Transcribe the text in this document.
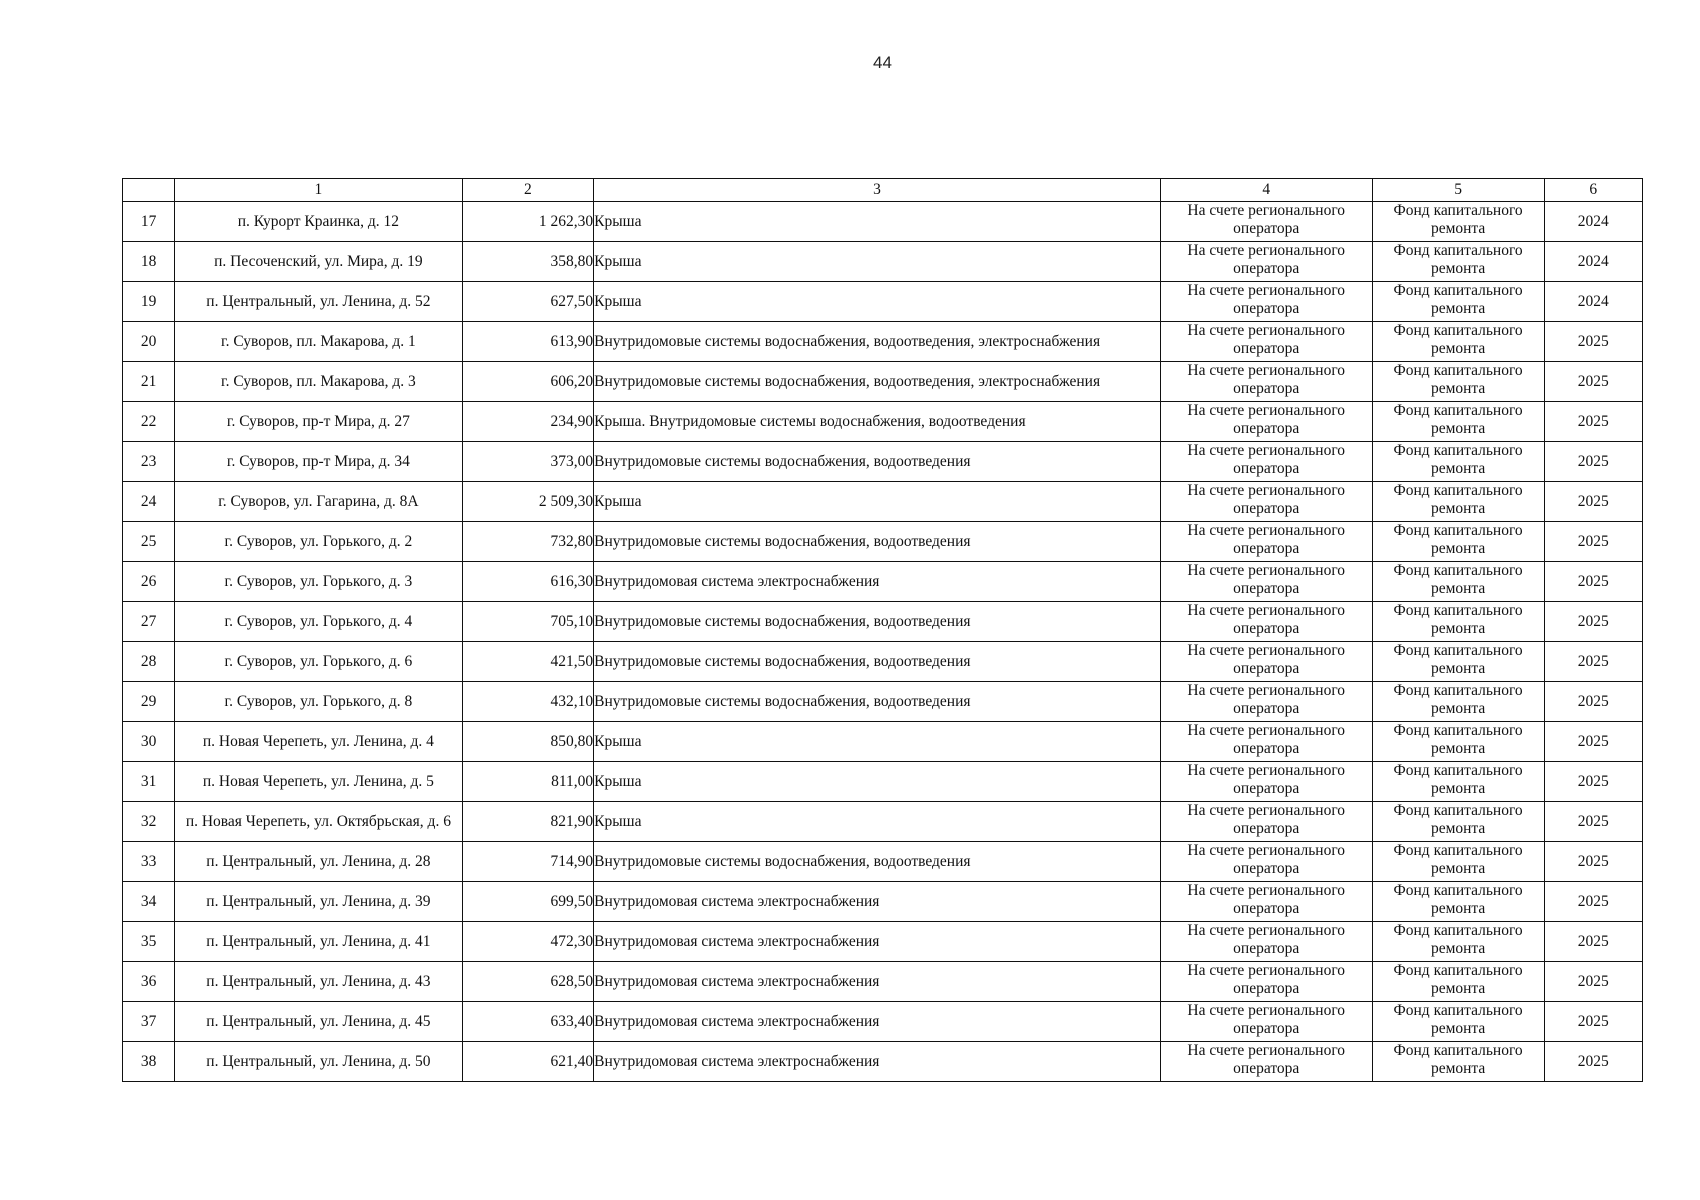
44
	1	2	3	4	5	6
17	п. Курорт Краинка, д. 12	1 262,30	Крыша	На счете регионального
оператора	Фонд капитального
ремонта	2024
18	п. Песоченский, ул. Мира, д. 19	358,80	Крыша	На счете регионального
оператора	Фонд капитального
ремонта	2024
19	п. Центральный, ул. Ленина, д. 52	627,50	Крыша	На счете регионального
оператора	Фонд капитального
ремонта	2024
20	г. Суворов, пл. Макарова, д. 1	613,90	Внутридомовые системы водоснабжения, водоотведения, электроснабжения	На счете регионального
оператора	Фонд капитального
ремонта	2025
21	г. Суворов, пл. Макарова, д. 3	606,20	Внутридомовые системы водоснабжения, водоотведения, электроснабжения	На счете регионального
оператора	Фонд капитального
ремонта	2025
22	г. Суворов, пр-т Мира, д. 27	234,90	Крыша. Внутридомовые системы водоснабжения, водоотведения	На счете регионального
оператора	Фонд капитального
ремонта	2025
23	г. Суворов, пр-т Мира, д. 34	373,00	Внутридомовые системы водоснабжения, водоотведения	На счете регионального
оператора	Фонд капитального
ремонта	2025
24	г. Суворов, ул. Гагарина, д. 8А	2 509,30	Крыша	На счете регионального
оператора	Фонд капитального
ремонта	2025
25	г. Суворов, ул. Горького, д. 2	732,80	Внутридомовые системы водоснабжения, водоотведения	На счете регионального
оператора	Фонд капитального
ремонта	2025
26	г. Суворов, ул. Горького, д. 3	616,30	Внутридомовая система электроснабжения	На счете регионального
оператора	Фонд капитального
ремонта	2025
27	г. Суворов, ул. Горького, д. 4	705,10	Внутридомовые системы водоснабжения, водоотведения	На счете регионального
оператора	Фонд капитального
ремонта	2025
28	г. Суворов, ул. Горького, д. 6	421,50	Внутридомовые системы водоснабжения, водоотведения	На счете регионального
оператора	Фонд капитального
ремонта	2025
29	г. Суворов, ул. Горького, д. 8	432,10	Внутридомовые системы водоснабжения, водоотведения	На счете регионального
оператора	Фонд капитального
ремонта	2025
30	п. Новая Черепеть, ул. Ленина, д. 4	850,80	Крыша	На счете регионального
оператора	Фонд капитального
ремонта	2025
31	п. Новая Черепеть, ул. Ленина, д. 5	811,00	Крыша	На счете регионального
оператора	Фонд капитального
ремонта	2025
32	п. Новая Черепеть, ул. Октябрьская, д. 6	821,90	Крыша	На счете регионального
оператора	Фонд капитального
ремонта	2025
33	п. Центральный, ул. Ленина, д. 28	714,90	Внутридомовые системы водоснабжения, водоотведения	На счете регионального
оператора	Фонд капитального
ремонта	2025
34	п. Центральный, ул. Ленина, д. 39	699,50	Внутридомовая система электроснабжения	На счете регионального
оператора	Фонд капитального
ремонта	2025
35	п. Центральный, ул. Ленина, д. 41	472,30	Внутридомовая система электроснабжения	На счете регионального
оператора	Фонд капитального
ремонта	2025
36	п. Центральный, ул. Ленина, д. 43	628,50	Внутридомовая система электроснабжения	На счете регионального
оператора	Фонд капитального
ремонта	2025
37	п. Центральный, ул. Ленина, д. 45	633,40	Внутридомовая система электроснабжения	На счете регионального
оператора	Фонд капитального
ремонта	2025
38	п. Центральный, ул. Ленина, д. 50	621,40	Внутридомовая система электроснабжения	На счете регионального
оператора	Фонд капитального
ремонта	2025
